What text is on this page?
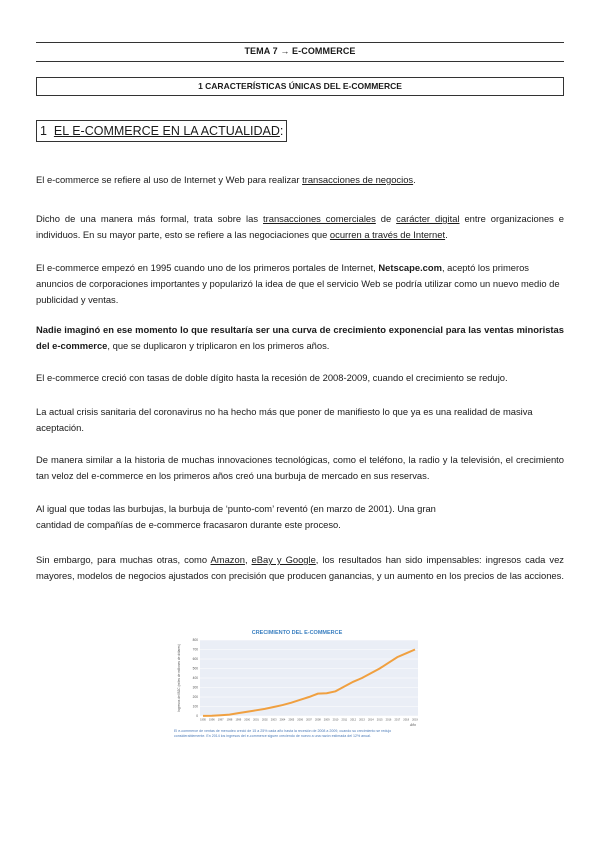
TEMA 7 → E-COMMERCE
1 CARACTERÍSTICAS ÚNICAS DEL E-COMMERCE
1 EL E-COMMERCE EN LA ACTUALIDAD:

El e-commerce se refiere al uso de Internet y Web para realizar transacciones de negocios.

Dicho de una manera más formal, trata sobre las transacciones comerciales de carácter digital entre organizaciones e individuos. En su mayor parte, esto se refiere a las negociaciones que ocurren a través de Internet.

El e-commerce empezó en 1995 cuando uno de los primeros portales de Internet, Netscape.com, aceptó los primeros anuncios de corporaciones importantes y popularizó la idea de que el servicio Web se podría utilizar como un nuevo medio de publicidad y ventas.

Nadie imaginó en ese momento lo que resultaría ser una curva de crecimiento exponencial para las ventas minoristas del e-commerce, que se duplicaron y triplicaron en los primeros años.

El e-commerce creció con tasas de doble dígito hasta la recesión de 2008-2009, cuando el crecimiento se redujo.

La actual crisis sanitaria del coronavirus no ha hecho más que poner de manifiesto lo que ya es una realidad de masiva aceptación.

De manera similar a la historia de muchas innovaciones tecnológicas, como el teléfono, la radio y la televisión, el crecimiento tan veloz del e-commerce en los primeros años creó una burbuja de mercado en sus reservas.

Al igual que todas las burbujas, la burbuja de ‘punto-com’ reventó (en marzo de 2001). Una gran
cantidad de compañías de e-commerce fracasaron durante este proceso.

Sin embargo, para muchas otras, como Amazon, eBay y Google, los resultados han sido impensables: ingresos cada vez mayores, modelos de negocios ajustados con precisión que producen ganancias, y un aumento en los precios de las acciones.

CRECIMIENTO DEL E-COMMERCE
0
100
200
300
400
500
600
700
800
1995 1996 1997 1998 1999 2000 2001 2002 2003 2004 2005 2006 2007 2008 2009 2010 2011 2012 2013 2014 2015 2016 2017 2018 2019
Ingresos del B2C (miles de millones de dólares)
Año
El e-commerce de ventas de menudeo creció de 15 a 25% cada año hasta la recesión de 2008 a 2009, cuando su crecimiento se redujo considerablemente. En 2014 los ingresos del e-commerce siguen creciendo de nuevo a una razón estimada del 12% anual.
